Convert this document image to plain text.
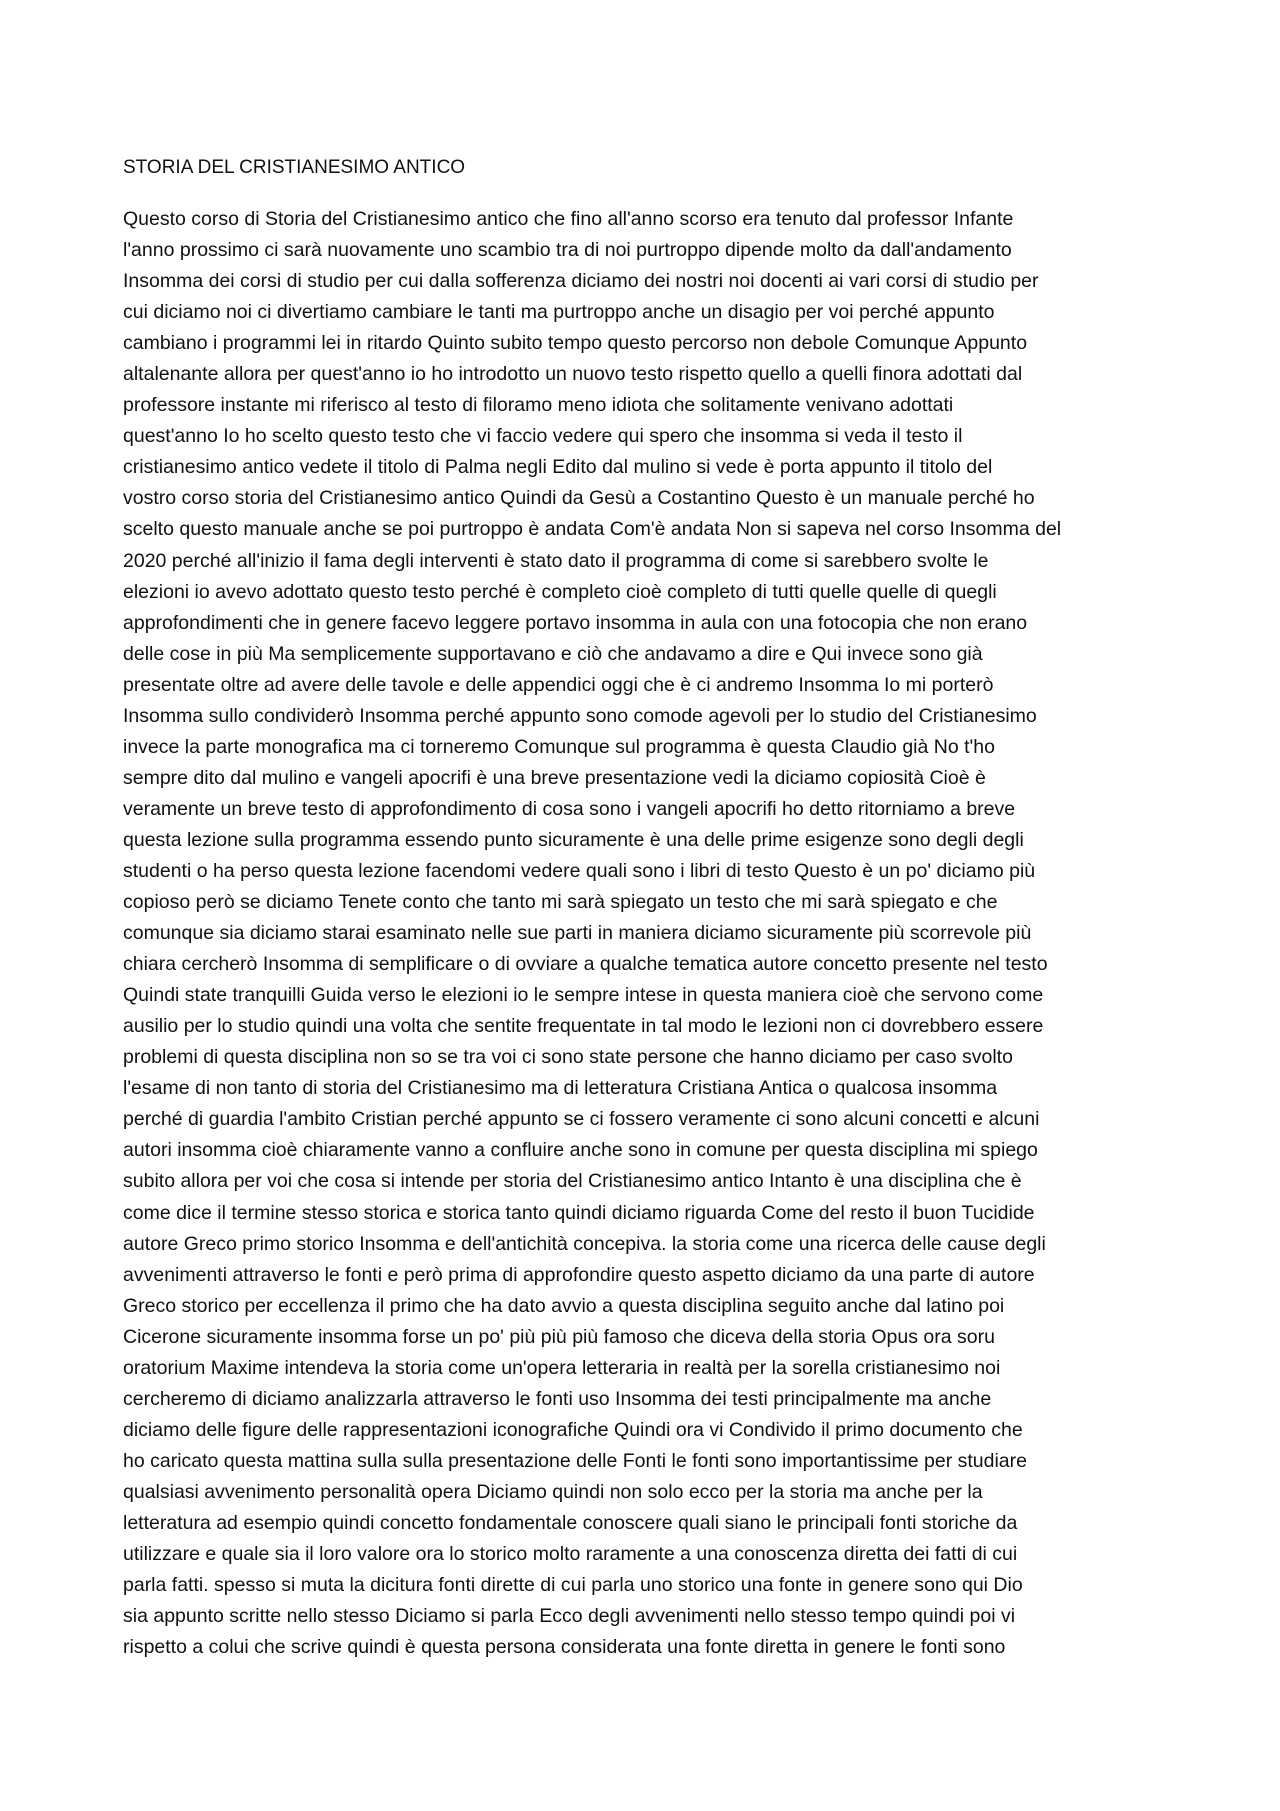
STORIA DEL CRISTIANESIMO ANTICO
Questo corso di Storia del Cristianesimo antico che fino all'anno scorso era tenuto dal professor Infante
l'anno prossimo ci sarà nuovamente uno scambio tra di noi purtroppo dipende molto da dall'andamento
Insomma dei corsi di studio per cui dalla sofferenza diciamo dei nostri noi docenti ai vari corsi di studio per
cui diciamo noi ci divertiamo cambiare le tanti ma purtroppo anche un disagio per voi perché appunto
cambiano i programmi lei in ritardo Quinto subito tempo questo percorso non debole Comunque Appunto
altalenante allora per quest'anno io ho introdotto un nuovo testo rispetto quello a quelli finora adottati dal
professore instante mi riferisco al testo di filoramo meno idiota che solitamente venivano adottati
quest'anno Io ho scelto questo testo che vi faccio vedere qui spero che insomma si veda il testo il
cristianesimo antico vedete il titolo di Palma negli Edito dal mulino si vede è porta appunto il titolo del
vostro corso storia del Cristianesimo antico Quindi da Gesù a Costantino Questo è un manuale perché ho
scelto questo manuale anche se poi purtroppo è andata Com'è andata Non si sapeva nel corso Insomma del
2020 perché all'inizio il fama degli interventi è stato dato il programma di come si sarebbero svolte le
elezioni io avevo adottato questo testo perché è completo cioè completo di tutti quelle quelle di quegli
approfondimenti che in genere facevo leggere portavo insomma in aula con una fotocopia che non erano
delle cose in più Ma semplicemente supportavano e ciò che andavamo a dire e Qui invece sono già
presentate oltre ad avere delle tavole e delle appendici oggi che è ci andremo Insomma Io mi porterò
Insomma sullo condividerò Insomma perché appunto sono comode agevoli per lo studio del Cristianesimo
invece la parte monografica ma ci torneremo Comunque sul programma è questa Claudio già No t'ho
sempre dito dal mulino e vangeli apocrifi è una breve presentazione vedi la diciamo copiosità Cioè è
veramente un breve testo di approfondimento di cosa sono i vangeli apocrifi ho detto ritorniamo a breve
questa lezione sulla programma essendo punto sicuramente è una delle prime esigenze sono degli degli
studenti o ha perso questa lezione facendomi vedere quali sono i libri di testo Questo è un po' diciamo più
copioso però se diciamo Tenete conto che tanto mi sarà spiegato un testo che mi sarà spiegato e che
comunque sia diciamo starai esaminato nelle sue parti in maniera diciamo sicuramente più scorrevole più
chiara cercherò Insomma di semplificare o di ovviare a qualche tematica autore concetto presente nel testo
Quindi state tranquilli Guida verso le elezioni io le sempre intese in questa maniera cioè che servono come
ausilio per lo studio quindi una volta che sentite frequentate in tal modo le lezioni non ci dovrebbero essere
problemi di questa disciplina non so se tra voi ci sono state persone che hanno diciamo per caso svolto
l'esame di non tanto di storia del Cristianesimo ma di letteratura Cristiana Antica o qualcosa insomma
perché di guardia l'ambito Cristian perché appunto se ci fossero veramente ci sono alcuni concetti e alcuni
autori insomma cioè chiaramente vanno a confluire anche sono in comune per questa disciplina mi spiego
subito allora per voi che cosa si intende per storia del Cristianesimo antico Intanto è una disciplina che è
come dice il termine stesso storica e storica tanto quindi diciamo riguarda Come del resto il buon Tucidide
autore Greco primo storico Insomma e dell'antichità concepiva. la storia come una ricerca delle cause degli
avvenimenti attraverso le fonti e però prima di approfondire questo aspetto diciamo da una parte di autore
Greco storico per eccellenza il primo che ha dato avvio a questa disciplina seguito anche dal latino poi
Cicerone sicuramente insomma forse un po' più più più famoso che diceva della storia Opus ora soru
oratorium Maxime intendeva la storia come un'opera letteraria in realtà per la sorella cristianesimo noi
cercheremo di diciamo analizzarla attraverso le fonti uso Insomma dei testi principalmente ma anche
diciamo delle figure delle rappresentazioni iconografiche Quindi ora vi Condivido il primo documento che
ho caricato questa mattina sulla sulla presentazione delle Fonti le fonti sono importantissime per studiare
qualsiasi avvenimento personalità opera Diciamo quindi non solo ecco per la storia ma anche per la
letteratura ad esempio quindi concetto fondamentale conoscere quali siano le principali fonti storiche da
utilizzare e quale sia il loro valore ora lo storico molto raramente a una conoscenza diretta dei fatti di cui
parla fatti. spesso si muta la dicitura fonti dirette di cui parla uno storico una fonte in genere sono qui Dio
sia appunto scritte nello stesso Diciamo si parla Ecco degli avvenimenti nello stesso tempo quindi poi vi
rispetto a colui che scrive quindi è questa persona considerata una fonte diretta in genere le fonti sono
